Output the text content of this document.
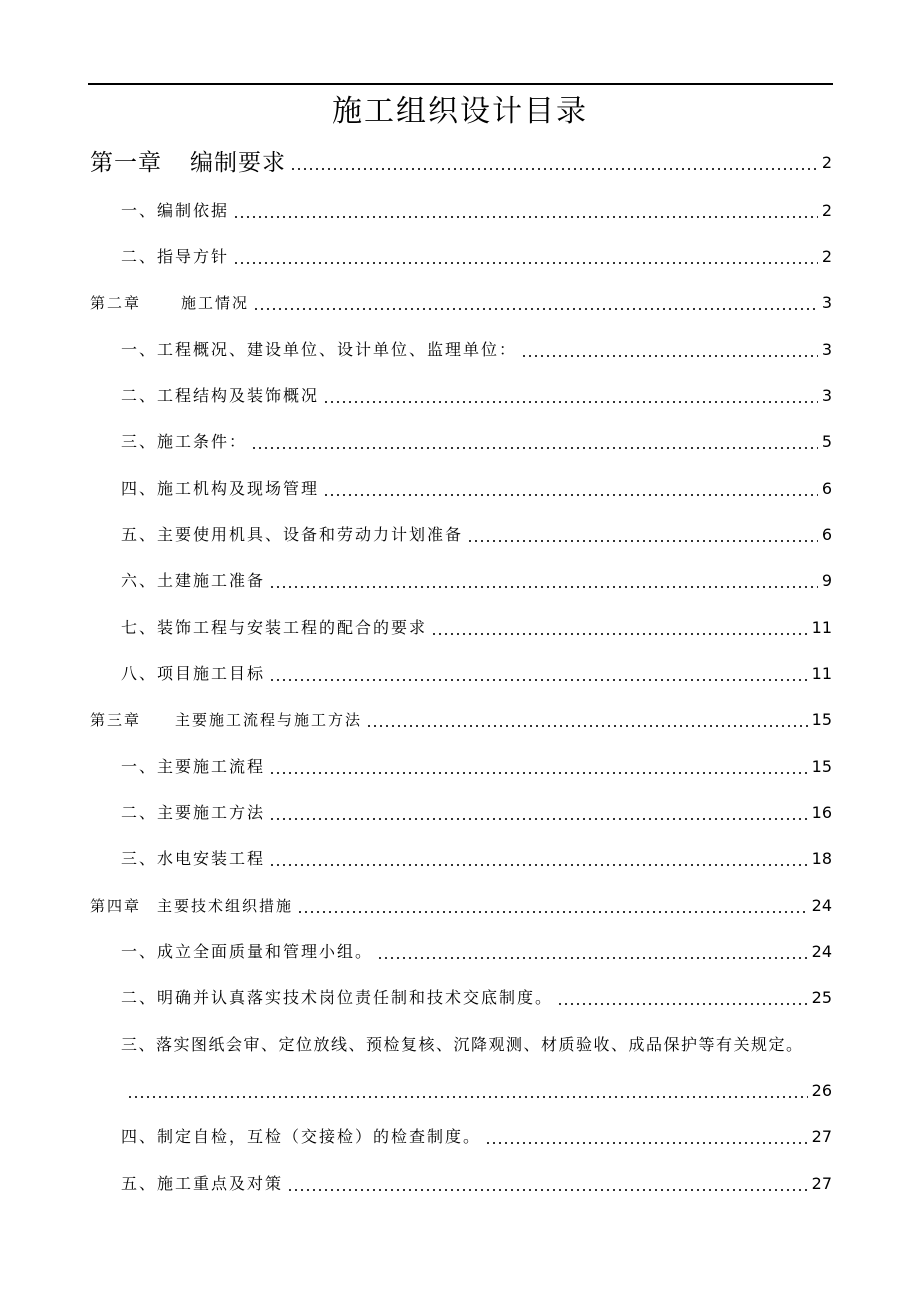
施工组织设计目录
第一章 编制要求	2
一、编制依据	2
二、指导方针	2
第二章	施工情况	3
一、工程概况、建设单位、设计单位、监理单位：	3
二、工程结构及装饰概况	3
三、施工条件：	5
四、施工机构及现场管理	6
五、主要使用机具、设备和劳动力计划准备	6
六、土建施工准备	9
七、装饰工程与安装工程的配合的要求	11
八、项目施工目标	11
第三章 主要施工流程与施工方法	15
一、主要施工流程	15
二、主要施工方法	16
三、水电安装工程	18
第四章 主要技术组织措施	24
一、成立全面质量和管理小组。	24
二、明确并认真落实技术岗位责任制和技术交底制度。	25
三、落实图纸会审、定位放线、预检复核、沉降观测、材质验收、成品保护等有关规定。
26
四、制定自检，互检（交接检）的检查制度。	27
五、施工重点及对策	27
